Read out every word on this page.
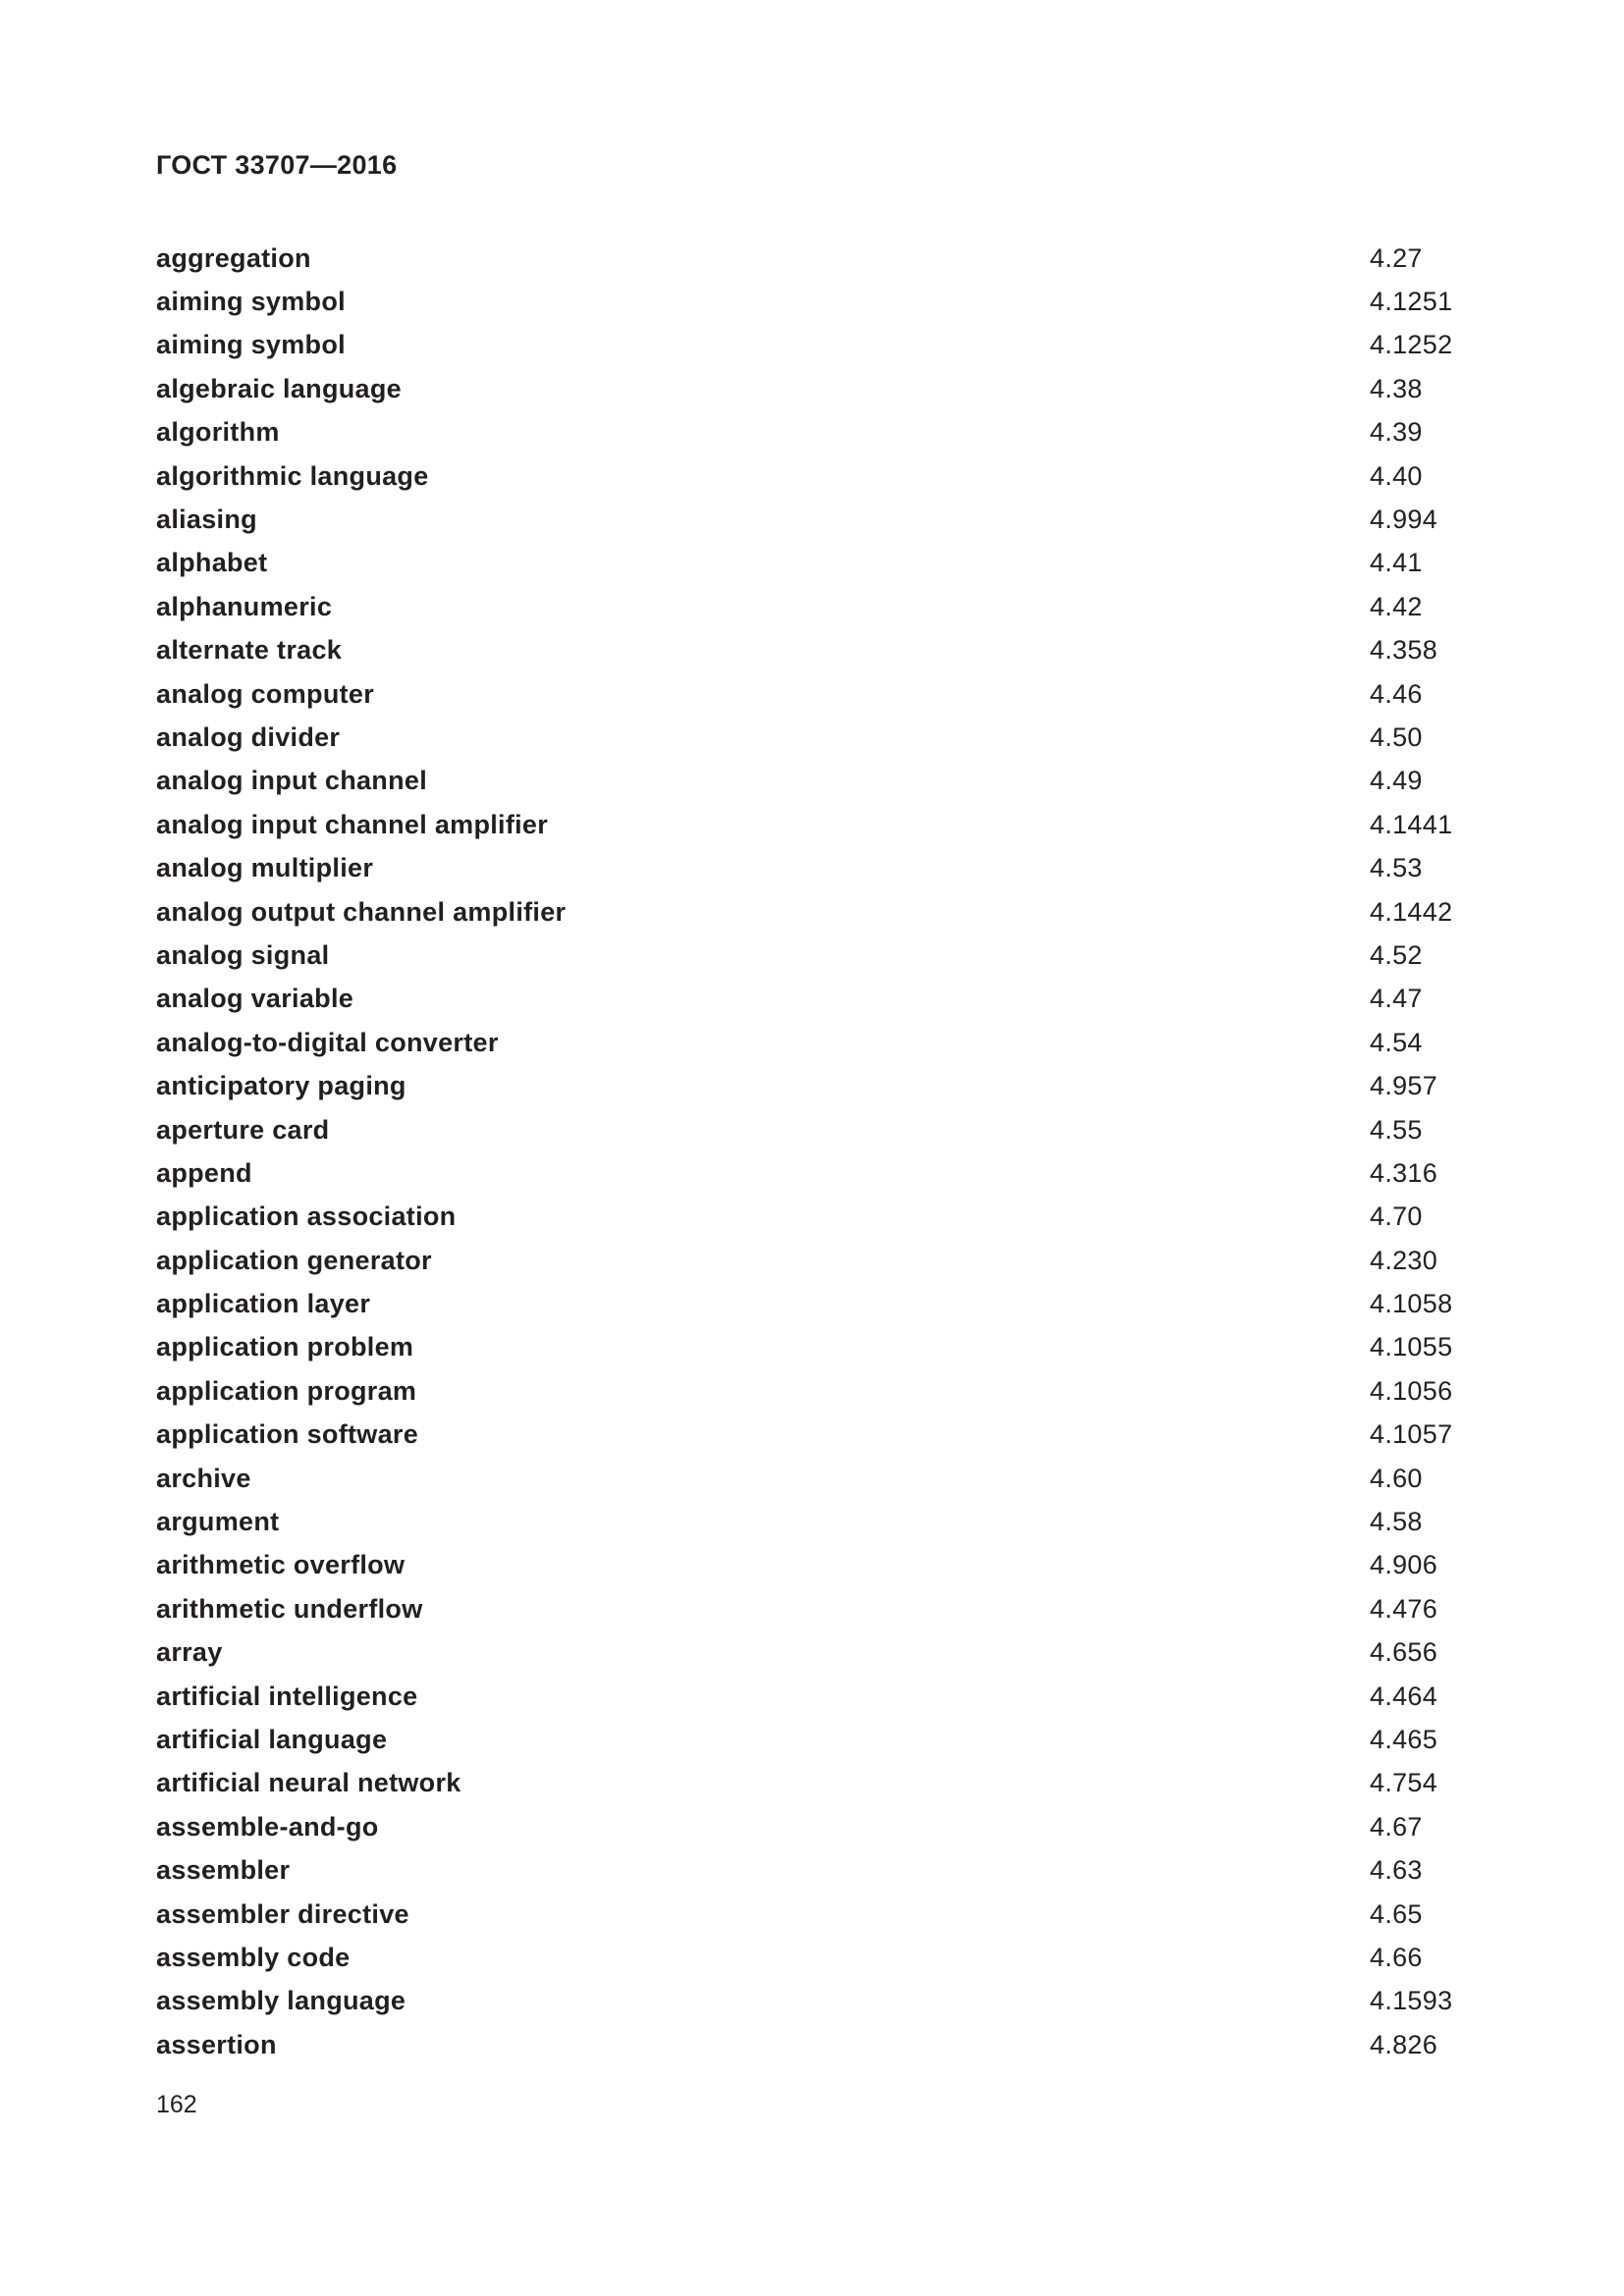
ГОСТ 33707—2016
aggregation	4.27
aiming symbol	4.1251
aiming symbol	4.1252
algebraic language	4.38
algorithm	4.39
algorithmic language	4.40
aliasing	4.994
alphabet	4.41
alphanumeric	4.42
alternate track	4.358
analog computer	4.46
analog divider	4.50
analog input channel	4.49
analog input channel amplifier	4.1441
analog multiplier	4.53
analog output channel amplifier	4.1442
analog signal	4.52
analog variable	4.47
analog-to-digital converter	4.54
anticipatory paging	4.957
aperture card	4.55
append	4.316
application association	4.70
application generator	4.230
application layer	4.1058
application problem	4.1055
application program	4.1056
application software	4.1057
archive	4.60
argument	4.58
arithmetic overflow	4.906
arithmetic underflow	4.476
array	4.656
artificial intelligence	4.464
artificial language	4.465
artificial neural network	4.754
assemble-and-go	4.67
assembler	4.63
assembler directive	4.65
assembly code	4.66
assembly language	4.1593
assertion	4.826
162
